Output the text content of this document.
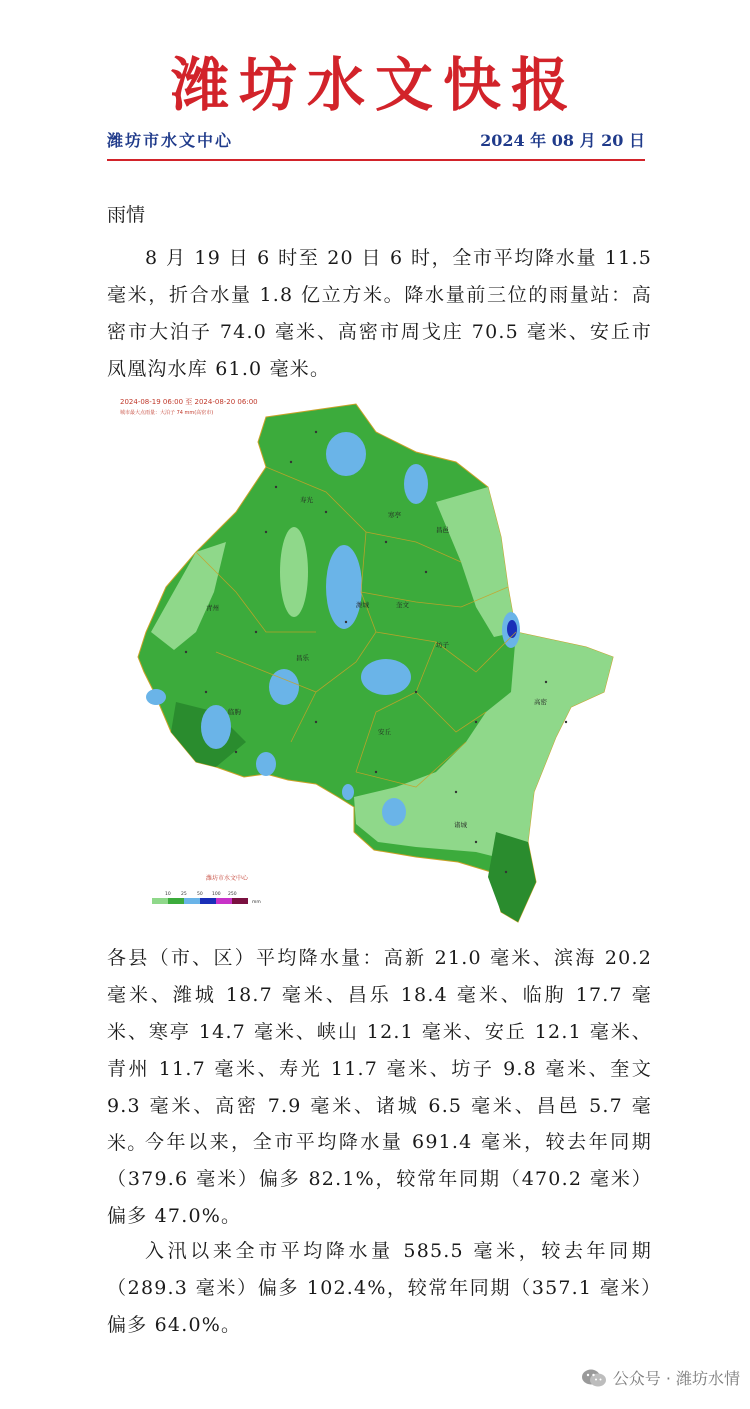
潍坊水文快报
潍坊市水文中心	2024 年 08 月 20 日
雨情
8 月 19 日 6 时至 20 日 6 时，全市平均降水量 11.5 毫米，折合水量 1.8 亿立方米。降水量前三位的雨量站：高密市大泊子 74.0 毫米、高密市周戈庄 70.5 毫米、安丘市凤凰沟水库 61.0 毫米。
2024-08-19 06:00 至 2024-08-20 06:00
城市最大点雨量：大泊子 74 mm(高密市)
寿光
寒亭
昌邑
青州	潍城	奎文
坊子
昌乐
临朐
安丘
高密
诸城
潍坊市水文中心
10 25 50 100 250
mm
各县（市、区）平均降水量：高新 21.0 毫米、滨海 20.2 毫米、潍城 18.7 毫米、昌乐 18.4 毫米、临朐 17.7 毫米、寒亭 14.7 毫米、峡山 12.1 毫米、安丘 12.1 毫米、青州 11.7 毫米、寿光 11.7 毫米、坊子 9.8 毫米、奎文 9.3 毫米、高密 7.9 毫米、诸城 6.5 毫米、昌邑 5.7 毫米。
今年以来，全市平均降水量 691.4 毫米，较去年同期（379.6 毫米）偏多 82.1%，较常年同期（470.2 毫米）偏多 47.0%。
入汛以来全市平均降水量 585.5 毫米，较去年同期（289.3 毫米）偏多 102.4%，较常年同期（357.1 毫米）偏多 64.0%。
公众号 · 潍坊水情
